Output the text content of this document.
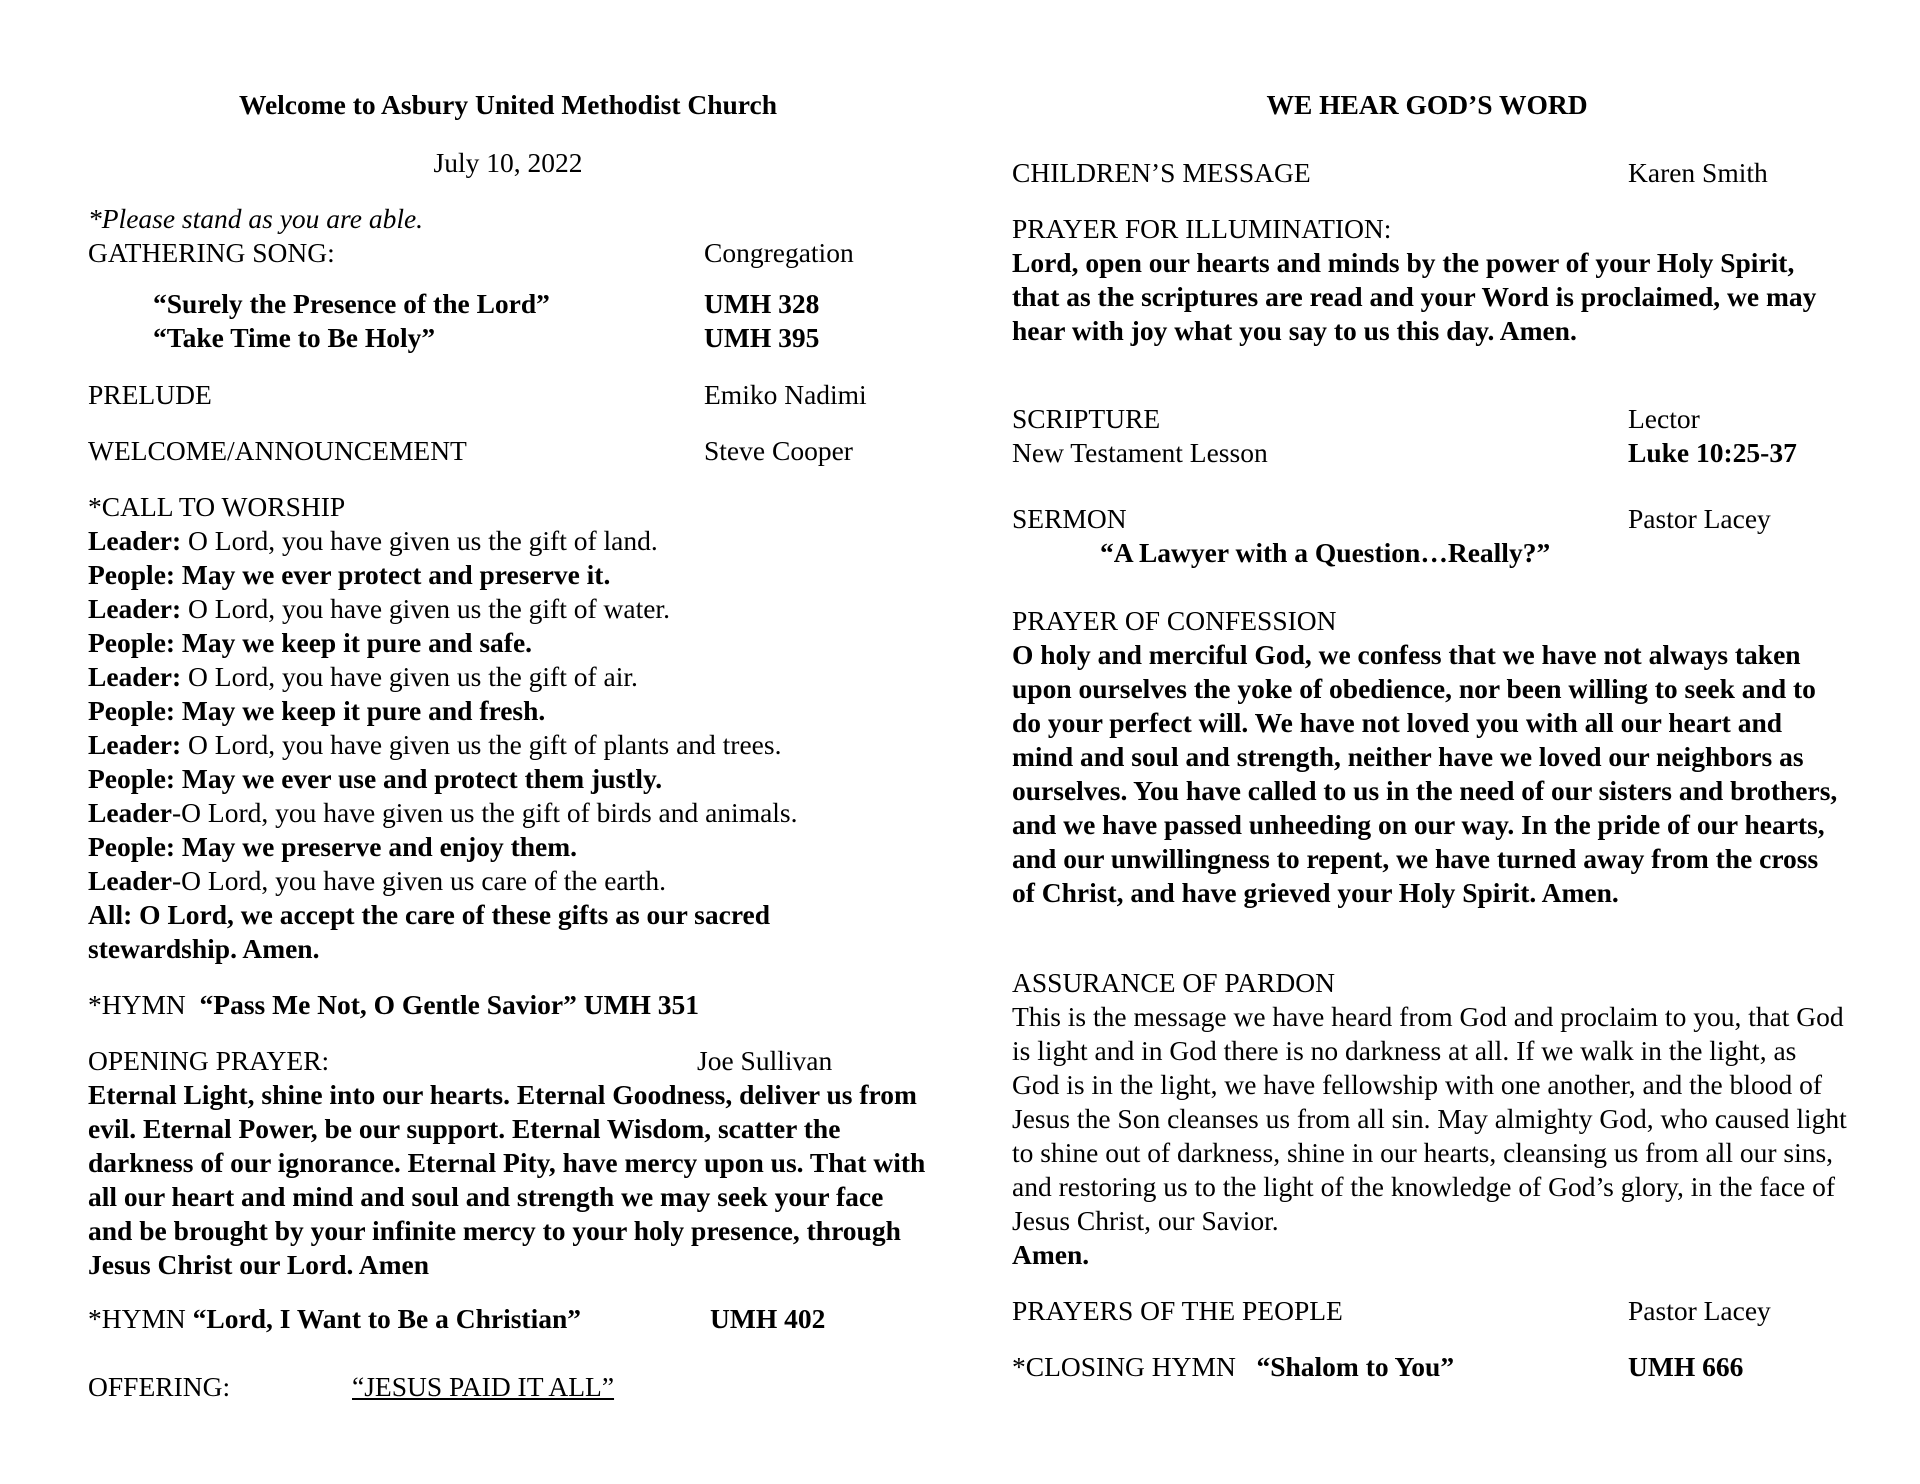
Welcome to Asbury United Methodist Church
July 10, 2022
*Please stand as you are able.
GATHERING SONG:	Congregation
“Surely the Presence of the Lord”	UMH 328
“Take Time to Be Holy”	UMH 395
PRELUDE	Emiko Nadimi
WELCOME/ANNOUNCEMENT	Steve Cooper
*CALL TO WORSHIP
Leader: O Lord, you have given us the gift of land.
People: May we ever protect and preserve it.
Leader: O Lord, you have given us the gift of water.
People: May we keep it pure and safe.
Leader: O Lord, you have given us the gift of air.
People: May we keep it pure and fresh.
Leader: O Lord, you have given us the gift of plants and trees.
People: May we ever use and protect them justly.
Leader-O Lord, you have given us the gift of birds and animals.
People: May we preserve and enjoy them.
Leader-O Lord, you have given us care of the earth.
All: O Lord, we accept the care of these gifts as our sacred stewardship. Amen.
*HYMN “Pass Me Not, O Gentle Savior” UMH 351
OPENING PRAYER:	Joe Sullivan
Eternal Light, shine into our hearts. Eternal Goodness, deliver us from evil. Eternal Power, be our support. Eternal Wisdom, scatter the darkness of our ignorance. Eternal Pity, have mercy upon us. That with all our heart and mind and soul and strength we may seek your face and be brought by your infinite mercy to your holy presence, through Jesus Christ our Lord. Amen
*HYMN “Lord, I Want to Be a Christian”	UMH 402
OFFERING:	“JESUS PAID IT ALL”
WE HEAR GOD’S WORD
CHILDREN’S MESSAGE	Karen Smith
PRAYER FOR ILLUMINATION:
Lord, open our hearts and minds by the power of your Holy Spirit, that as the scriptures are read and your Word is proclaimed, we may hear with joy what you say to us this day. Amen.
SCRIPTURE	Lector
New Testament Lesson	Luke 10:25-37
SERMON	Pastor Lacey
“A Lawyer with a Question…Really?”
PRAYER OF CONFESSION
O holy and merciful God, we confess that we have not always taken upon ourselves the yoke of obedience, nor been willing to seek and to do your perfect will. We have not loved you with all our heart and mind and soul and strength, neither have we loved our neighbors as ourselves. You have called to us in the need of our sisters and brothers, and we have passed unheeding on our way. In the pride of our hearts, and our unwillingness to repent, we have turned away from the cross of Christ, and have grieved your Holy Spirit. Amen.
ASSURANCE OF PARDON
This is the message we have heard from God and proclaim to you, that God is light and in God there is no darkness at all. If we walk in the light, as God is in the light, we have fellowship with one another, and the blood of Jesus the Son cleanses us from all sin. May almighty God, who caused light to shine out of darkness, shine in our hearts, cleansing us from all our sins, and restoring us to the light of the knowledge of God’s glory, in the face of Jesus Christ, our Savior.
Amen.
PRAYERS OF THE PEOPLE	Pastor Lacey
*CLOSING HYMN “Shalom to You”	UMH 666
